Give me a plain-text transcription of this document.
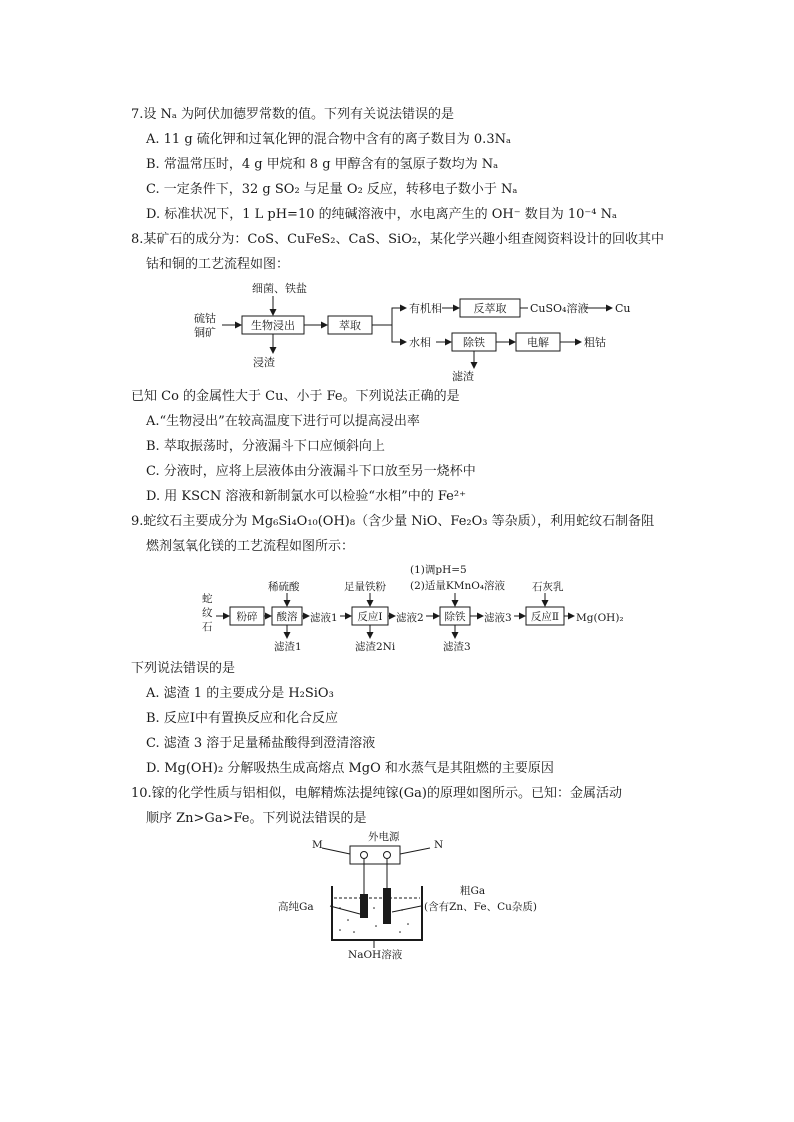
7.设 Nₐ 为阿伏加德罗常数的值。下列有关说法错误的是
A. 11 g 硫化钾和过氧化钾的混合物中含有的离子数目为 0.3Nₐ
B. 常温常压时，4 g 甲烷和 8 g 甲醇含有的氢原子数均为 Nₐ
C. 一定条件下，32 g SO₂ 与足量 O₂ 反应，转移电子数小于 Nₐ
D. 标准状况下，1 L pH=10 的纯碱溶液中，水电离产生的 OH⁻ 数目为 10⁻⁴ Nₐ
8.某矿石的成分为：CoS、CuFeS₂、CaS、SiO₂，某化学兴趣小组查阅资料设计的回收其中
钴和铜的工艺流程如图：
硫钴
铜矿
细菌、铁盐
浸渣
有机相
水相
CuSO₄溶液 Cu
粗钴
滤渣
生物浸出	萃取
反萃取
除铁	电解
已知 Co 的金属性大于 Cu、小于 Fe。下列说法正确的是
A.“生物浸出”在较高温度下进行可以提高浸出率
B. 萃取振荡时，分液漏斗下口应倾斜向上
C. 分液时，应将上层液体由分液漏斗下口放至另一烧杯中
D. 用 KSCN 溶液和新制氯水可以检验“水相”中的 Fe²⁺
9.蛇纹石主要成分为 Mg₆Si₄O₁₀(OH)₈（含少量 NiO、Fe₂O₃ 等杂质），利用蛇纹石制备阻
燃剂氢氧化镁的工艺流程如图所示：
蛇
纹
石
稀硫酸
滤渣1
滤液1
足量铁粉
滤渣2Ni
滤液2
(1)调pH=5
(2)适量KMnO₄溶液
滤渣3
滤液3
石灰乳
Mg(OH)₂
粉碎 酸溶	反应Ⅰ	除铁	反应Ⅱ
下列说法错误的是
A. 滤渣 1 的主要成分是 H₂SiO₃
B. 反应Ⅰ中有置换反应和化合反应
C. 滤渣 3 溶于足量稀盐酸得到澄清溶液
D. Mg(OH)₂ 分解吸热生成高熔点 MgO 和水蒸气是其阻燃的主要原因
10.镓的化学性质与铝相似，电解精炼法提纯镓(Ga)的原理如图所示。已知：金属活动
顺序 Zn>Ga>Fe。下列说法错误的是
外电源
M	N
高纯Ga
粗Ga
(含有Zn、Fe、Cu杂质)
NaOH溶液
